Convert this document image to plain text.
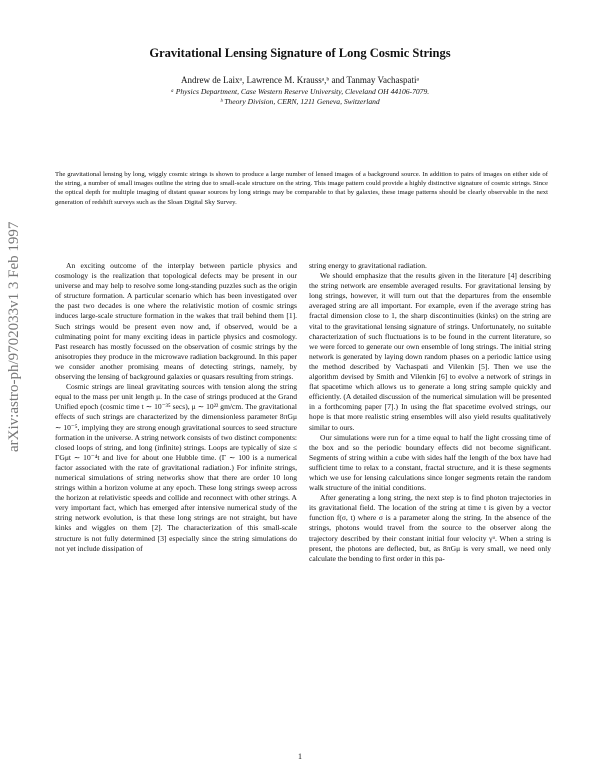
Gravitational Lensing Signature of Long Cosmic Strings
Andrew de Laixᵃ, Lawrence M. Kraussᵃ,ᵇ and Tanmay Vachaspatiᵃ
ᵃ Physics Department, Case Western Reserve University, Cleveland OH 44106-7079.
ᵇ Theory Division, CERN, 1211 Geneva, Switzerland
The gravitational lensing by long, wiggly cosmic strings is shown to produce a large number of lensed images of a background source. In addition to pairs of images on either side of the string, a number of small images outline the string due to small-scale structure on the string. This image pattern could provide a highly distinctive signature of cosmic strings. Since the optical depth for multiple imaging of distant quasar sources by long strings may be comparable to that by galaxies, these image patterns should be clearly observable in the next generation of redshift surveys such as the Sloan Digital Sky Survey.
arXiv:astro-ph/9702033v1 3 Feb 1997	An exciting outcome of the interplay between particle physics and cosmology is the realization that topological defects may be present in our universe and may help to resolve some long-standing puzzles such as the origin of structure formation. A particular scenario which has been investigated over the past two decades is one where the relativistic motion of cosmic strings induces large-scale structure formation in the wakes that trail behind them [1]. Such strings would be present even now and, if observed, would be a culminating point for many exciting ideas in particle physics and cosmology. Past research has mostly focussed on the observation of cosmic strings by the anisotropies they produce in the microwave radiation background. In this paper we consider another promising means of detecting strings, namely, by observing the lensing of background galaxies or quasars resulting from strings.

Cosmic strings are lineal gravitating sources with tension along the string equal to the mass per unit length μ. In the case of strings produced at the Grand Unified epoch (cosmic time t ∼ 10⁻³⁵ secs), μ ∼ 10²² gm/cm. The gravitational effects of such strings are characterized by the dimensionless parameter 8πGμ ∼ 10⁻⁵, implying they are strong enough gravitational sources to seed structure formation in the universe. A string network consists of two distinct components: closed loops of string, and long (infinite) strings. Loops are typically of size ≤ ΓGμt ∼ 10⁻⁴t and live for about one Hubble time. (Γ ∼ 100 is a numerical factor associated with the rate of gravitational radiation.) For infinite strings, numerical simulations of string networks show that there are order 10 long strings within a horizon volume at any epoch. These long strings sweep across the horizon at relativistic speeds and collide and reconnect with other strings. A very important fact, which has emerged after intensive numerical study of the string network evolution, is that these long strings are not straight, but have kinks and wiggles on them [2]. The characterization of this small-scale structure is not fully determined [3] especially since the string simulations do not yet include dissipation of

string energy to gravitational radiation.

We should emphasize that the results given in the literature [4] describing the string network are ensemble averaged results. For gravitational lensing by long strings, however, it will turn out that the departures from the ensemble averaged string are all important. For example, even if the average string has fractal dimension close to 1, the sharp discontinuities (kinks) on the string are vital to the gravitational lensing signature of strings. Unfortunately, no suitable characterization of such fluctuations is to be found in the current literature, so we were forced to generate our own ensemble of long strings. The initial string network is generated by laying down random phases on a periodic lattice using the method described by Vachaspati and Vilenkin [5]. Then we use the algorithm devised by Smith and Vilenkin [6] to evolve a network of strings in flat spacetime which allows us to generate a long string sample quickly and efficiently. (A detailed discussion of the numerical simulation will be presented in a forthcoming paper [7].) In using the flat spacetime evolved strings, our hope is that more realistic string ensembles will also yield results qualitatively similar to ours.

Our simulations were run for a time equal to half the light crossing time of the box and so the periodic boundary effects did not become significant. Segments of string within a cube with sides half the length of the box have had sufficient time to relax to a constant, fractal structure, and it is these segments which we use for lensing calculations since longer segments retain the random walk structure of the initial conditions.

After generating a long string, the next step is to find photon trajectories in its gravitational field. The location of the string at time t is given by a vector function f(σ, t) where σ is a parameter along the string. In the absence of the strings, photons would travel from the source to the observer along the trajectory described by their constant initial four velocity γᵘ. When a string is present, the photons are deflected, but, as 8πGμ is very small, we need only calculate the bending to first order in this pa-

1
